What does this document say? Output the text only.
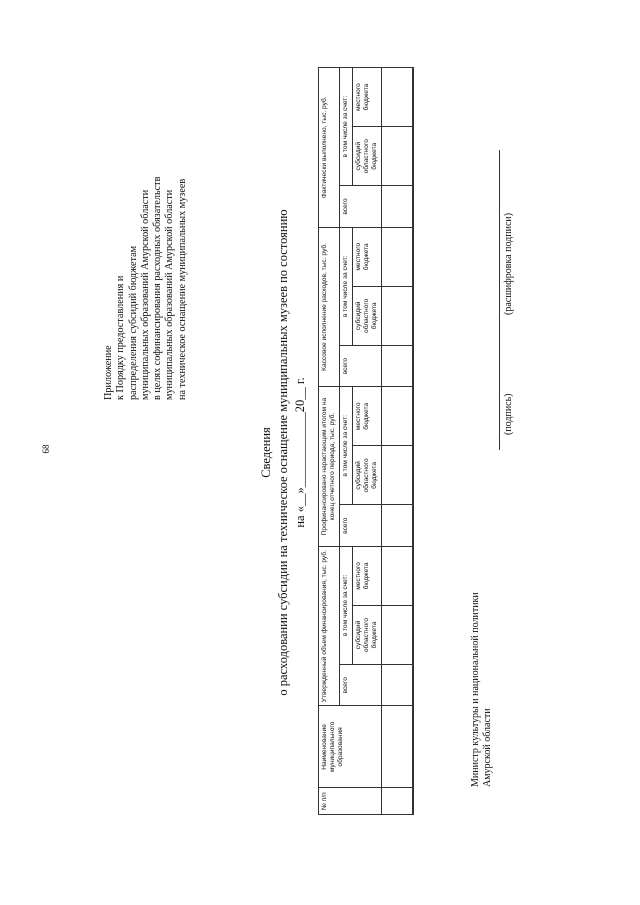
68
Приложение к Порядку предоставления и распределения субсидий бюджетам муниципальных образований Амурской области в целях софинансирования расходных обязательств муниципальных образований Амурской области на техническое оснащение муниципальных музеев
Сведения о расходовании субсидии на техническое оснащение муниципальных музеев по состоянию на «__»____________20__ г.
№ п/п	Наименование муниципального образования	Утвержденный объем финансирования, тыс. руб.			Профинансировано нарастающим итогом на конец отчетного периода, тыс. руб.			Кассовое исполнение расходов, тыс. руб.			Фактически выполнено, тыс. руб.		
		всего	в том числе за счет:		всего	в том числе за счет:		всего	в том числе за счет:		всего	в том числе за счет:	
			субсидий областного бюджета	местного бюджета		субсидий областного бюджета	местного бюджета		субсидий областного бюджета	местного бюджета		субсидий областного бюджета	местного бюджета

Министр культуры и национальной политики Амурской области
(подпись)
(расшифровка подписи)
